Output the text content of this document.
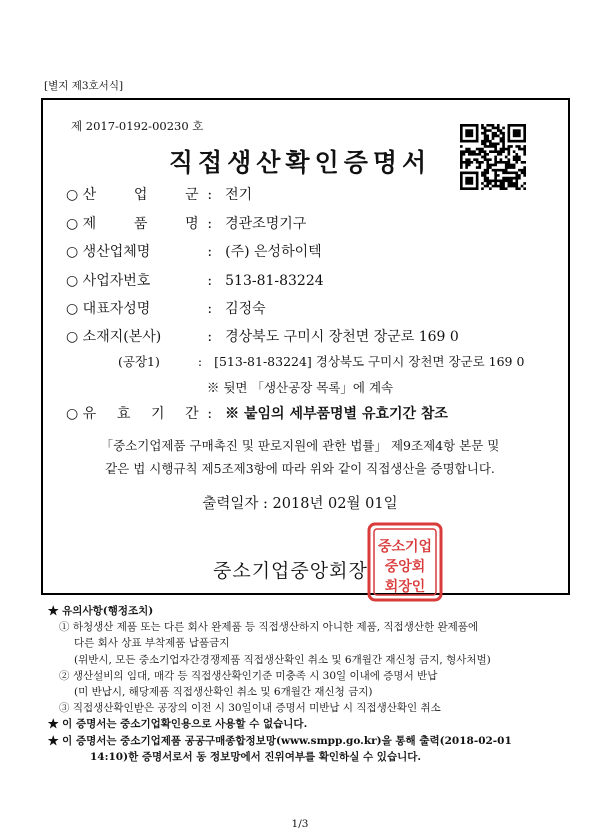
[별지 제3호서식]
제 2017-0192-00230 호
직접생산확인증명서
○ 산 업 군 : 전기
○ 제 품 명 : 경관조명기구
○ 생산업체명	: (주) 은성하이텍
○ 사업자번호	: 513-81-83224
○ 대표자성명	: 김정숙
○ 소재지(본사)	: 경상북도 구미시 장천면 장군로 169 0
(공장1)	: [513-81-83224] 경상북도 구미시 장천면 장군로 169 0
※ 뒷면 「생산공장 목록」에 계속
○ 유 효 기 간 : ※ 붙임의 세부품명별 유효기간 참조
「중소기업제품 구매촉진 및 판로지원에 관한 법률」 제9조제4항 본문 및
같은 법 시행규칙 제5조제3항에 따라 위와 같이 직접생산을 증명합니다.
출력일자 : 2018년 02월 01일
중소기업중앙회장
중소기업
중앙회
회장인
★ 유의사항(행정조치)
① 하청생산 제품 또는 다른 회사 완제품 등 직접생산하지 아니한 제품, 직접생산한 완제품에
다른 회사 상표 부착제품 납품금지
(위반시, 모든 중소기업자간경쟁제품 직접생산확인 취소 및 6개월간 재신청 금지, 형사처벌)
② 생산설비의 임대, 매각 등 직접생산확인기준 미충족 시 30일 이내에 증명서 반납
(미 반납시, 해당제품 직접생산확인 취소 및 6개월간 재신청 금지)
③ 직접생산확인받은 공장의 이전 시 30일이내 증명서 미반납 시 직접생산확인 취소
★ 이 증명서는 중소기업확인용으로 사용할 수 없습니다.
★ 이 증명서는 중소기업제품 공공구매종합정보망(www.smpp.go.kr)을 통해 출력(2018-02-01
14:10)한 증명서로서 동 정보망에서 진위여부를 확인하실 수 있습니다.
1/3
